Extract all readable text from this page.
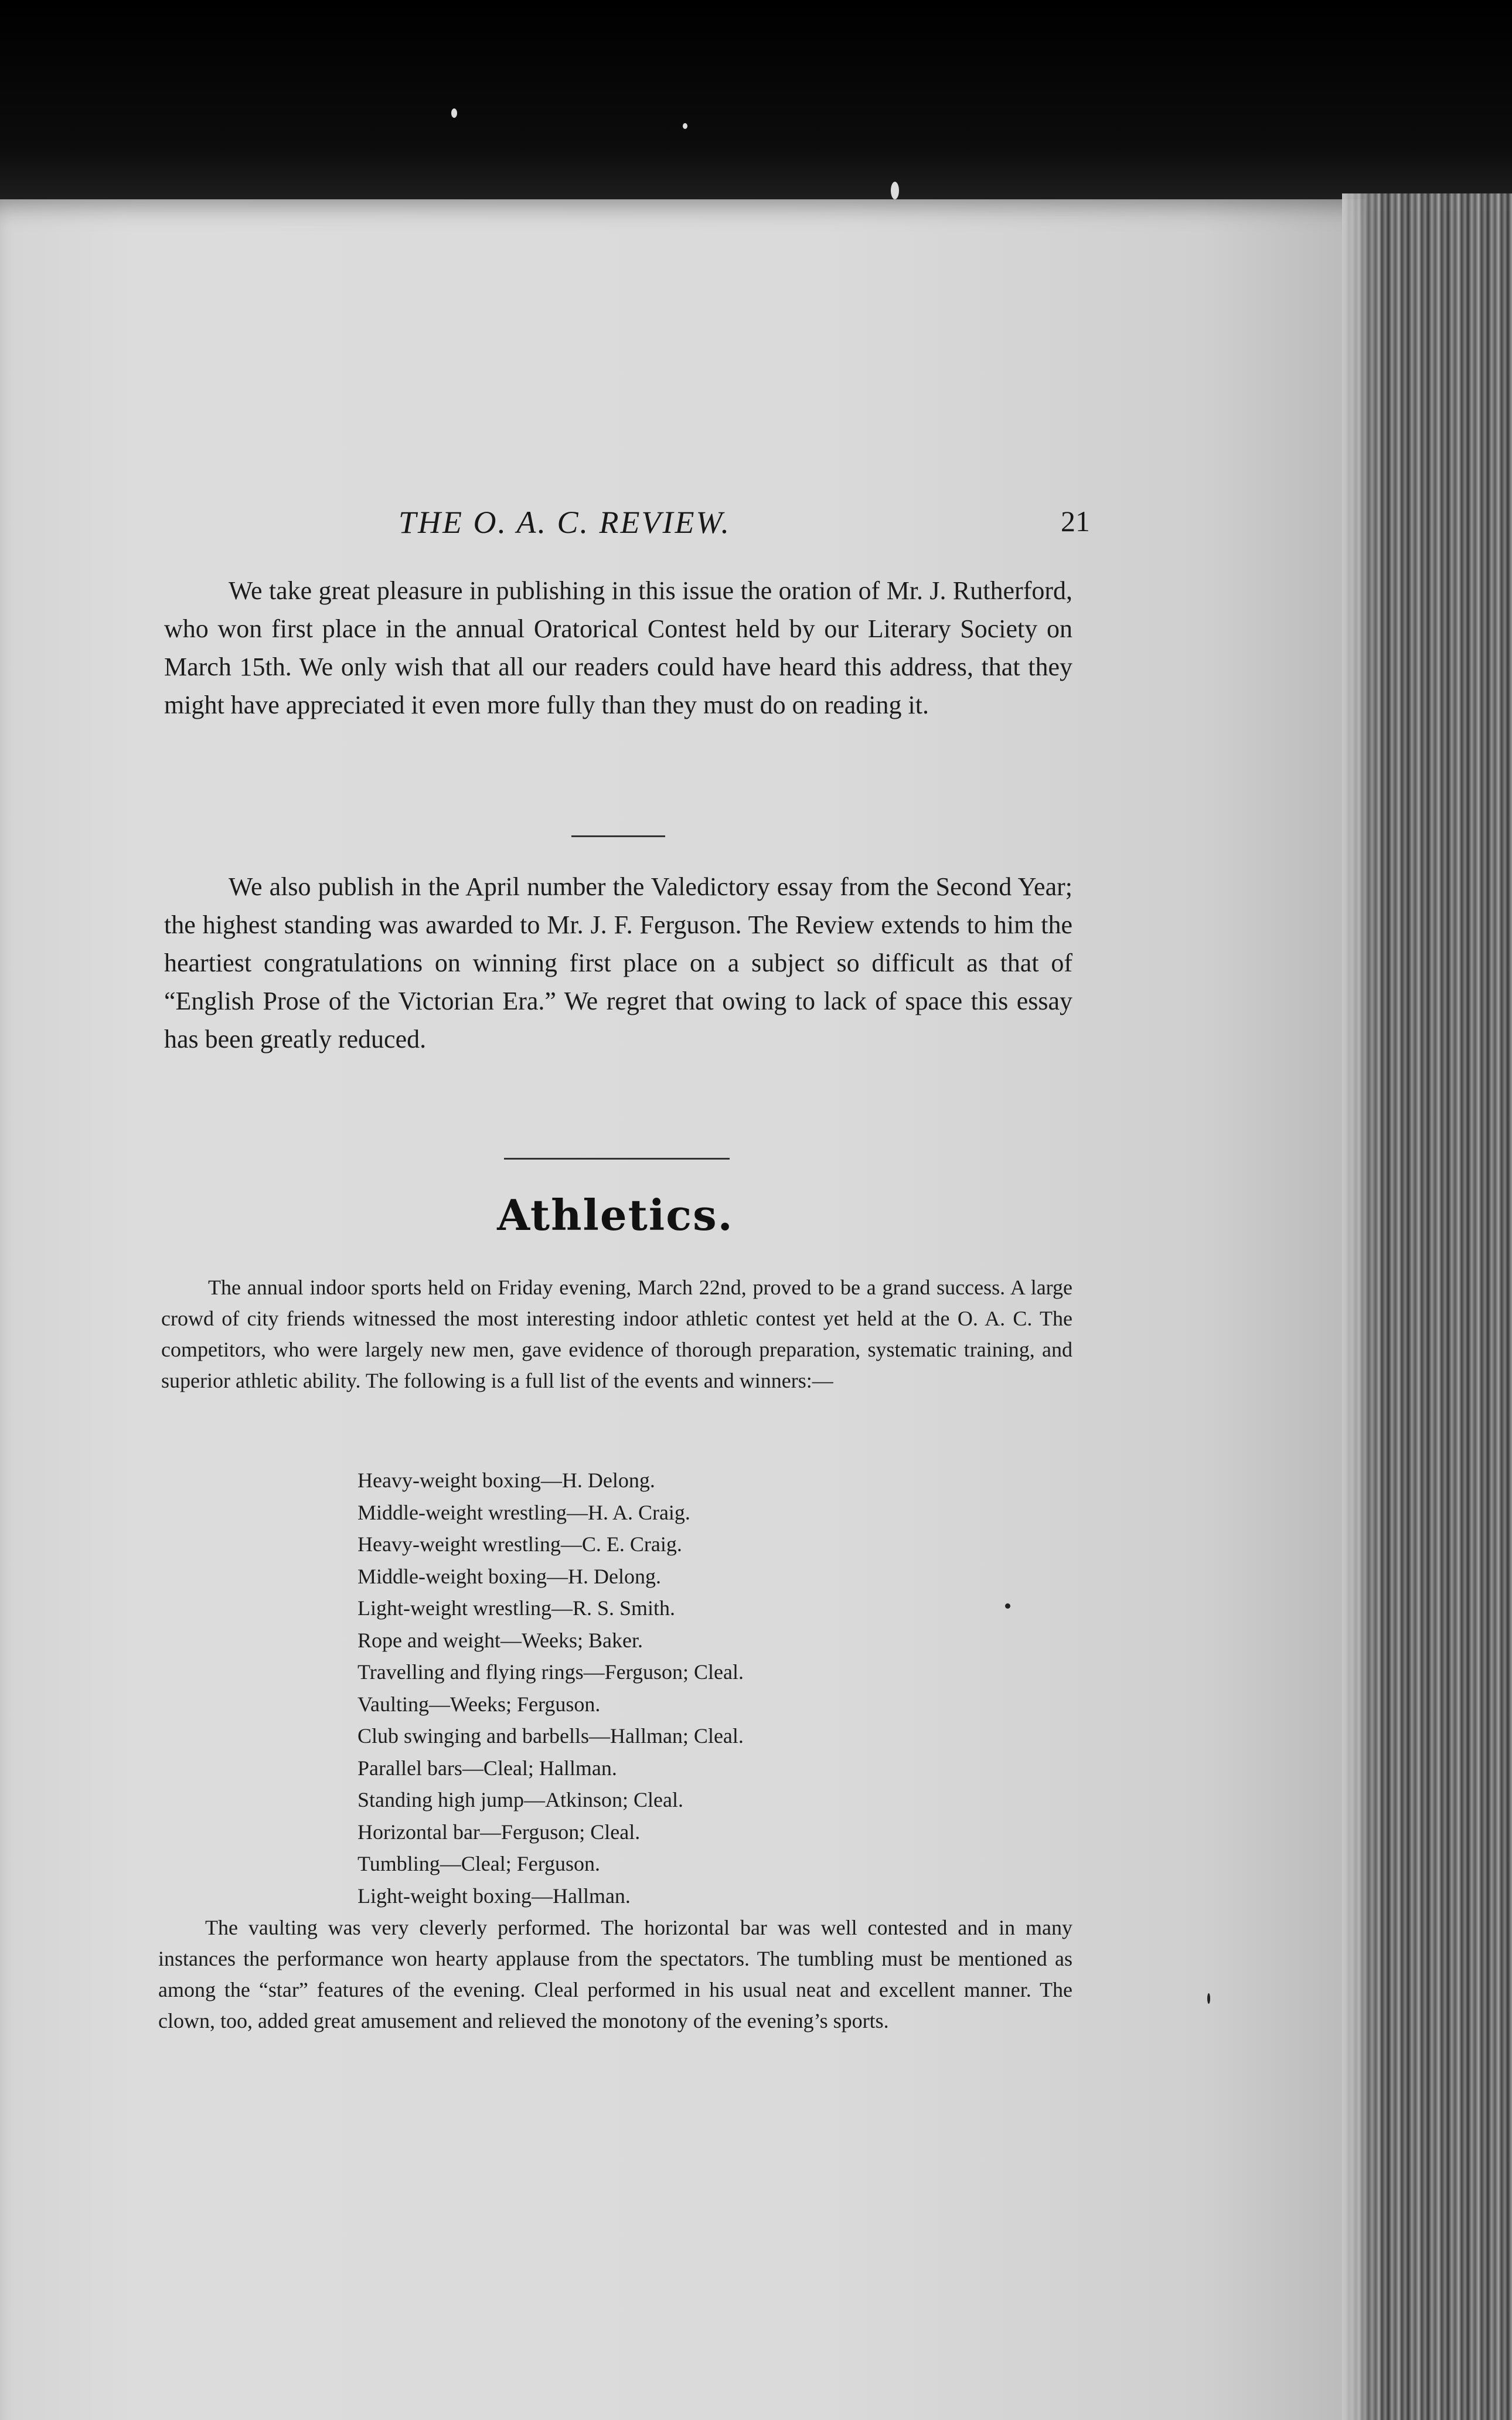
THE O. A. C. REVIEW.	21
We take great pleasure in publishing in this issue the oration of Mr. J. Rutherford, who won first place in the annual Oratorical Contest held by our Literary Society on March 15th. We only wish that all our readers could have heard this address, that they might have appreciated it even more fully than they must do on reading it.
We also publish in the April number the Valedictory essay from the Second Year; the highest standing was awarded to Mr. J. F. Ferguson. The Review extends to him the heartiest congratulations on winning first place on a subject so difficult as that of “English Prose of the Victorian Era.” We regret that owing to lack of space this essay has been greatly reduced.
Athletics.
The annual indoor sports held on Friday evening, March 22nd, proved to be a grand success. A large crowd of city friends witnessed the most interesting indoor athletic contest yet held at the O. A. C. The competitors, who were largely new men, gave evidence of thorough preparation, systematic training, and superior athletic ability. The following is a full list of the events and winners:—
Heavy-weight boxing—H. Delong.
Middle-weight wrestling—H. A. Craig.
Heavy-weight wrestling—C. E. Craig.
Middle-weight boxing—H. Delong.
Light-weight wrestling—R. S. Smith.
Rope and weight—Weeks; Baker.
Travelling and flying rings—Ferguson; Cleal.
Vaulting—Weeks; Ferguson.
Club swinging and barbells—Hallman; Cleal.
Parallel bars—Cleal; Hallman.
Standing high jump—Atkinson; Cleal.
Horizontal bar—Ferguson; Cleal.
Tumbling—Cleal; Ferguson.
Light-weight boxing—Hallman.
The vaulting was very cleverly performed. The horizontal bar was well contested and in many instances the performance won hearty applause from the spectators. The tumbling must be mentioned as among the “star” features of the evening. Cleal performed in his usual neat and excellent manner. The clown, too, added great amusement and relieved the monotony of the evening’s sports.
